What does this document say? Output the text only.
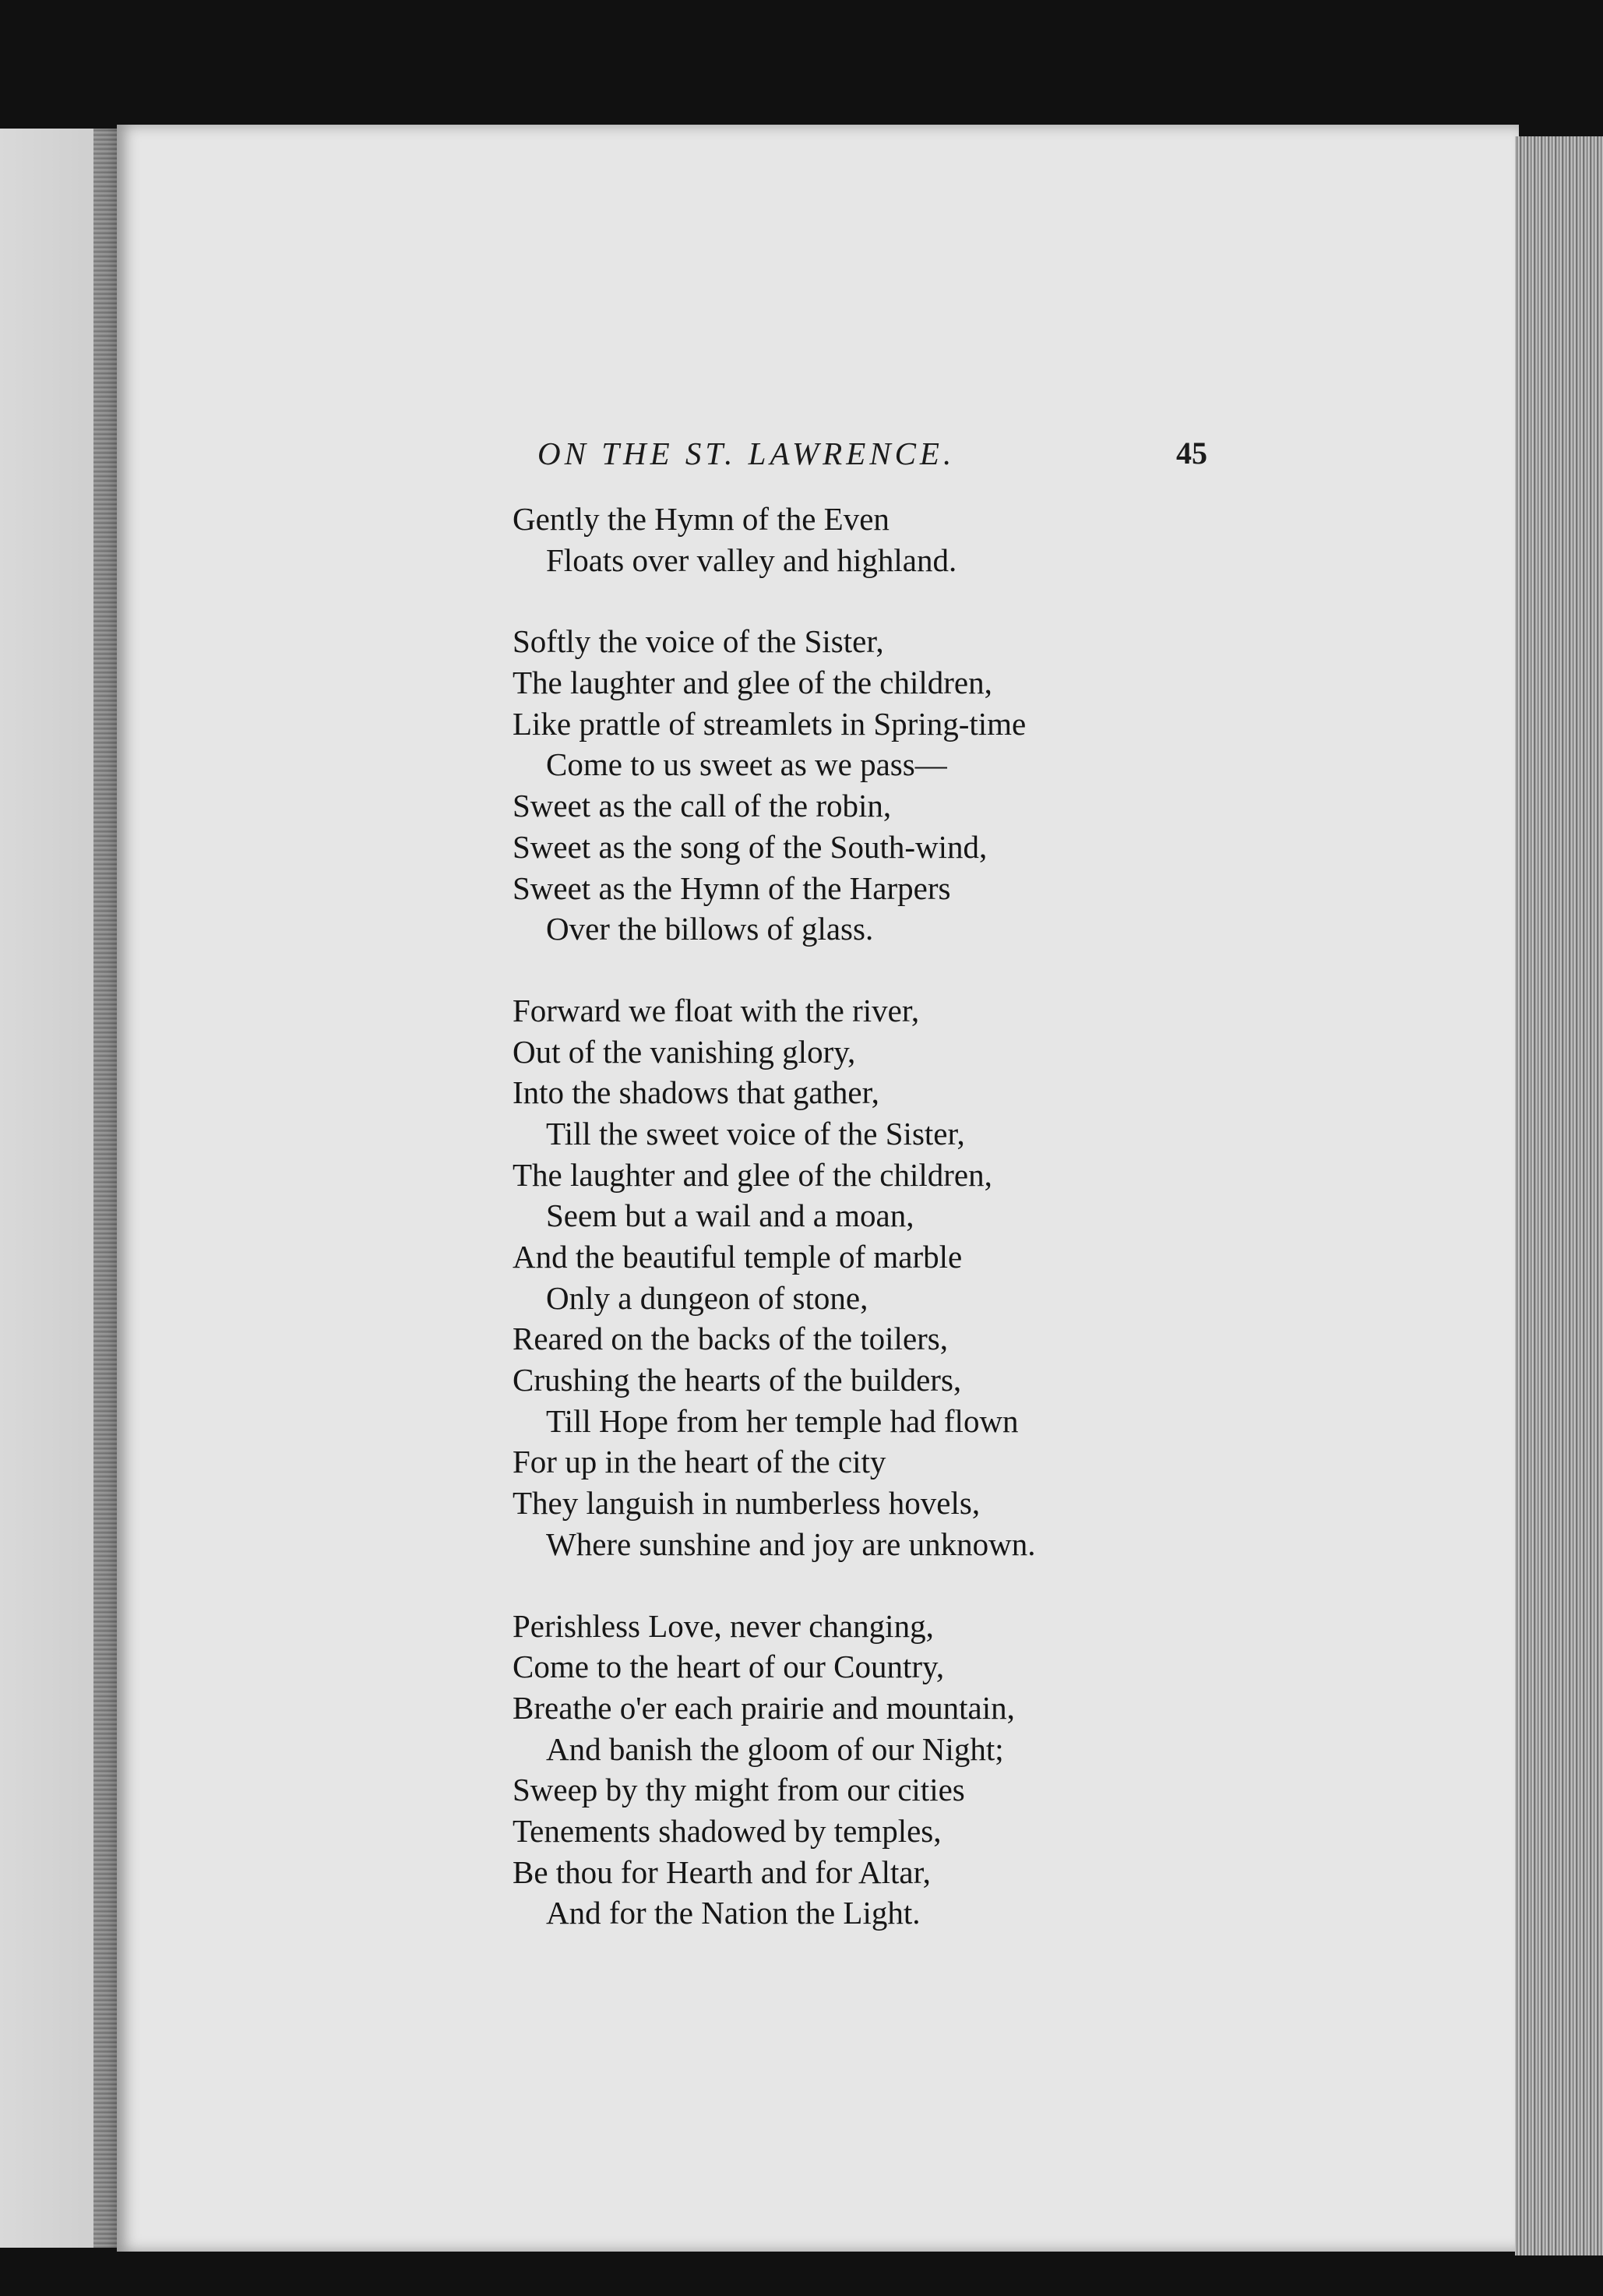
ON THE ST. LAWRENCE.	45
Gently the Hymn of the Even
Floats over valley and highland.
Softly the voice of the Sister,
The laughter and glee of the children,
Like prattle of streamlets in Spring-time
Come to us sweet as we pass—
Sweet as the call of the robin,
Sweet as the song of the South-wind,
Sweet as the Hymn of the Harpers
Over the billows of glass.
Forward we float with the river,
Out of the vanishing glory,
Into the shadows that gather,
Till the sweet voice of the Sister,
The laughter and glee of the children,
Seem but a wail and a moan,
And the beautiful temple of marble
Only a dungeon of stone,
Reared on the backs of the toilers,
Crushing the hearts of the builders,
Till Hope from her temple had flown
For up in the heart of the city
They languish in numberless hovels,
Where sunshine and joy are unknown.
Perishless Love, never changing,
Come to the heart of our Country,
Breathe o'er each prairie and mountain,
And banish the gloom of our Night;
Sweep by thy might from our cities
Tenements shadowed by temples,
Be thou for Hearth and for Altar,
And for the Nation the Light.
